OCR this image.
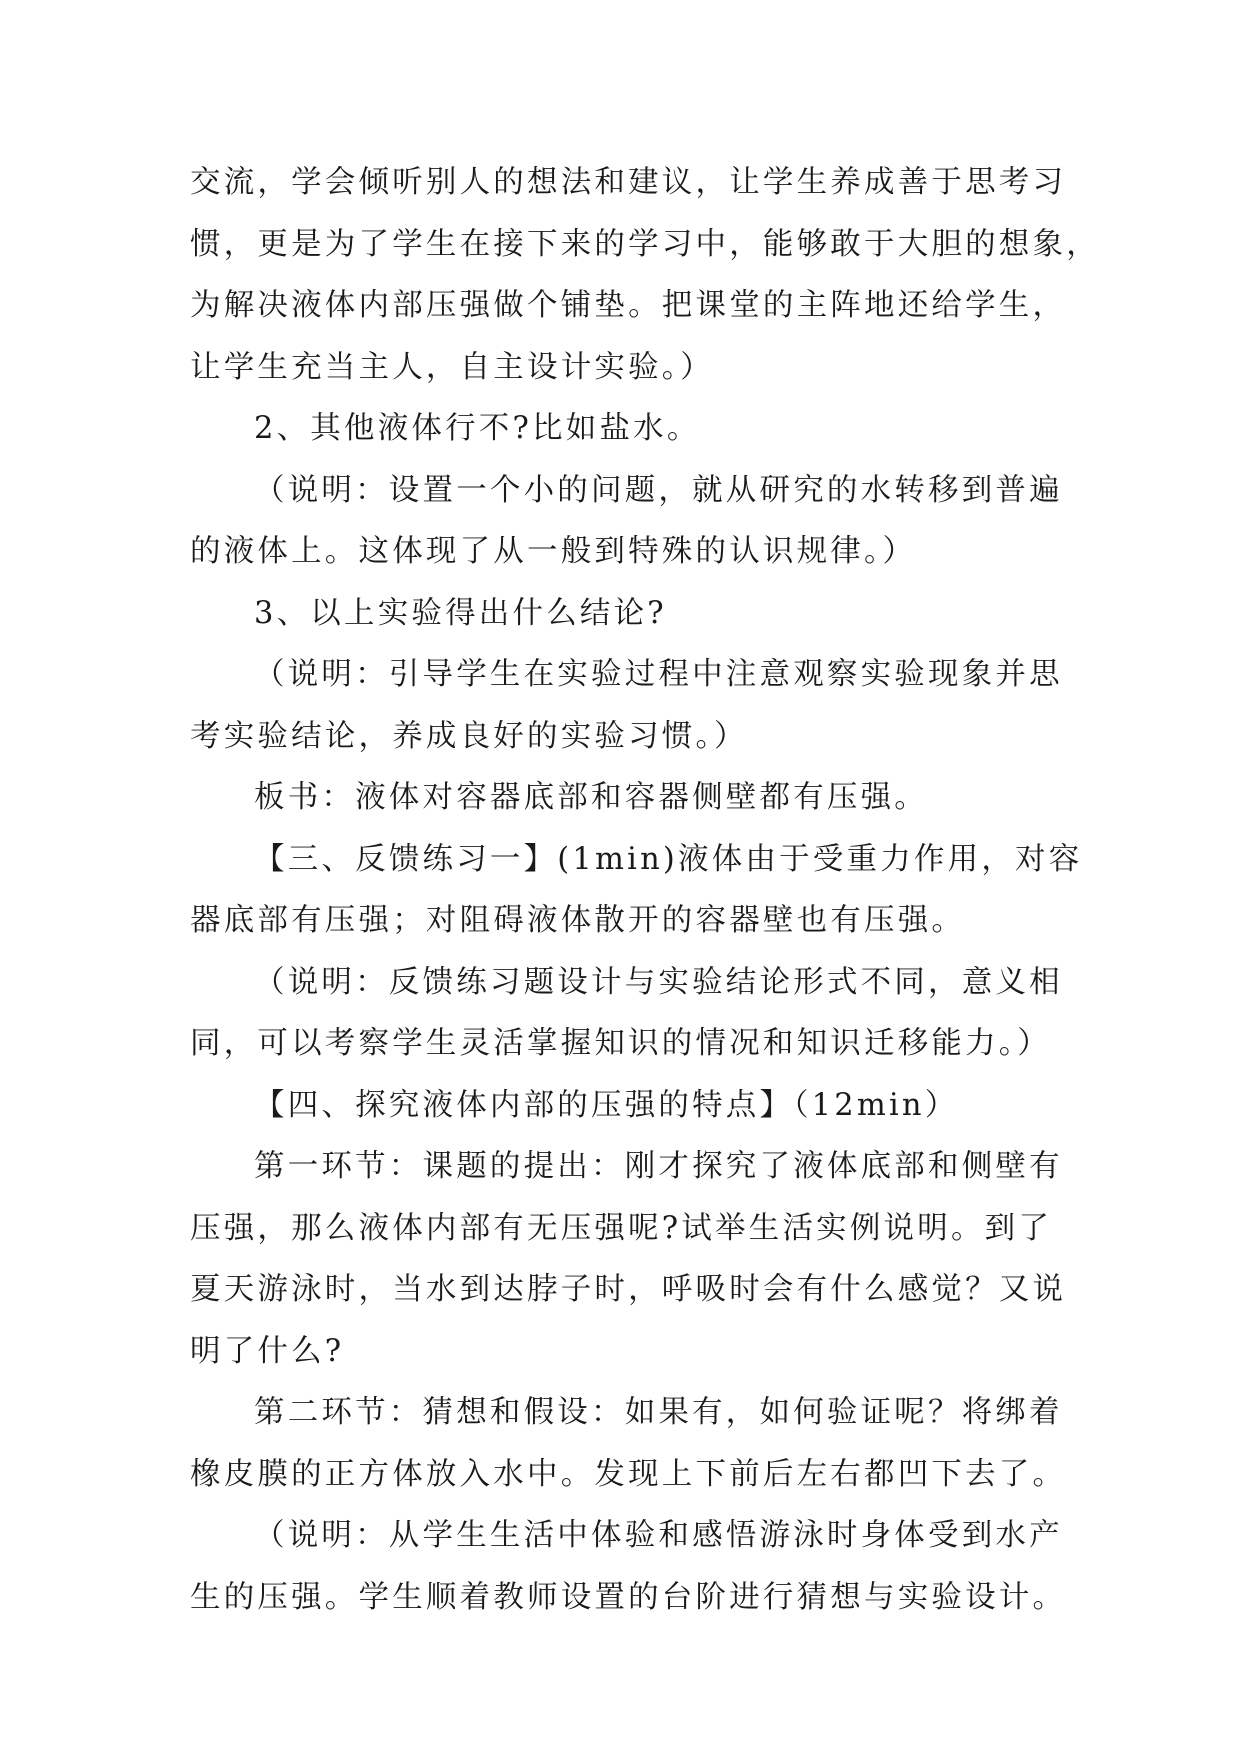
交流，学会倾听别人的想法和建议，让学生养成善于思考习
惯，更是为了学生在接下来的学习中，能够敢于大胆的想象，
为解决液体内部压强做个铺垫。把课堂的主阵地还给学生，
让学生充当主人，自主设计实验。）
2、其他液体行不?比如盐水。
（说明：设置一个小的问题，就从研究的水转移到普遍
的液体上。这体现了从一般到特殊的认识规律。）
3、以上实验得出什么结论?
（说明：引导学生在实验过程中注意观察实验现象并思
考实验结论，养成良好的实验习惯。）
板书：液体对容器底部和容器侧壁都有压强。
【三、反馈练习一】(1min)液体由于受重力作用，对容
器底部有压强；对阻碍液体散开的容器壁也有压强。
（说明：反馈练习题设计与实验结论形式不同，意义相
同，可以考察学生灵活掌握知识的情况和知识迁移能力。）
【四、探究液体内部的压强的特点】（12min）
第一环节：课题的提出：刚才探究了液体底部和侧壁有
压强，那么液体内部有无压强呢?试举生活实例说明。到了
夏天游泳时，当水到达脖子时，呼吸时会有什么感觉？又说
明了什么?
第二环节：猜想和假设：如果有，如何验证呢？将绑着
橡皮膜的正方体放入水中。发现上下前后左右都凹下去了。
（说明：从学生生活中体验和感悟游泳时身体受到水产
生的压强。学生顺着教师设置的台阶进行猜想与实验设计。
